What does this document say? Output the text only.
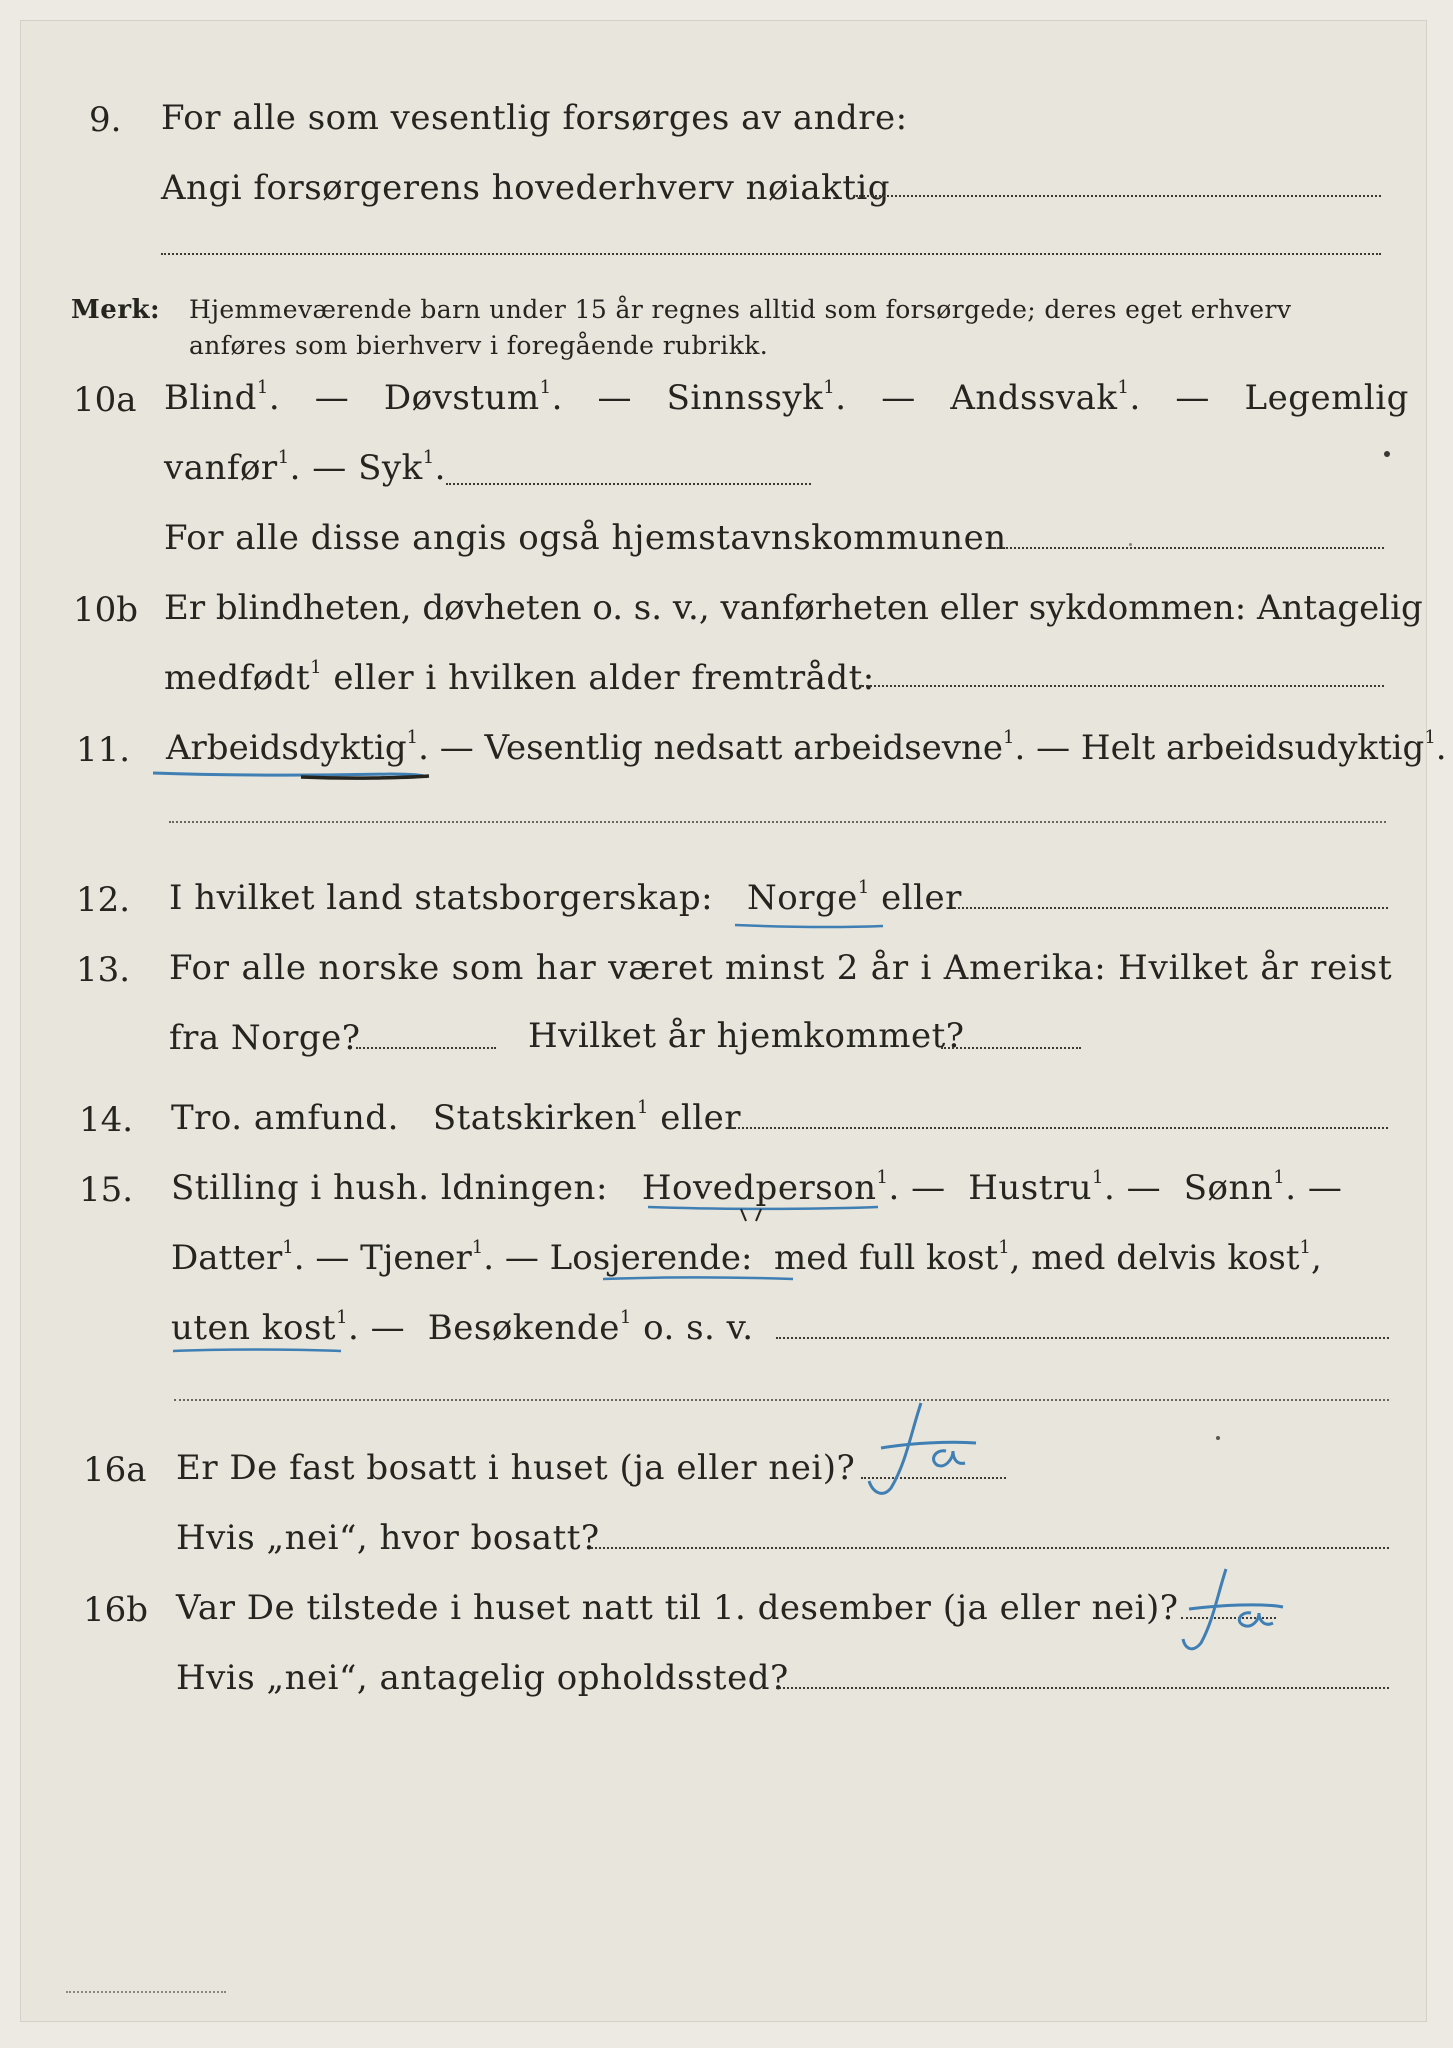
9. For alle som vesentlig forsørges av andre:
Angi forsørgerens hovederhverv nøiaktig
Merk: Hjemmeværende barn under 15 år regnes alltid som forsørgede; deres eget erhverv
anføres som bierhverv i foregående rubrikk.
10a Blind$^1$.  — Døvstum$^1$.  — Sinnssyk$^1$.  — Andssvak$^1$.  — Legemlig
vanfør$^1$. — Syk$^1$.
For alle disse angis også hjemstavnskommunen
10b Er blindheten, døvheten o. s. v., vanførheten eller sykdommen: Antagelig
medfødt$^1$ eller i hvilken alder fremtrådt:
11. Arbeidsdyktig$^1$. — Vesentlig nedsatt arbeidsevne$^1$. — Helt arbeidsudyktig$^1$.
12. I hvilket land statsborgerskap: Norge$^1$ eller
13. For alle norske som har været minst 2 år i Amerika: Hvilket år reist
fra Norge?	Hvilket år hjemkommet?
14. Tro. amfund. Statskirken$^1$ eller
15. Stilling i hush. ldningen: Hovedperson$^1$. — Hustru$^1$. — Sønn$^1$. —
Datter$^1$. — Tjener$^1$. — Losjerende: med full kost$^1$, med delvis kost$^1$,
uten kost$^1$. — Besøkende$^1$ o. s. v.
16a Er De fast bosatt i huset (ja eller nei)?
Hvis „nei“, hvor bosatt?
16b Var De tilstede i huset natt til 1. desember (ja eller nei)?
Hvis „nei“, antagelig opholdssted?
